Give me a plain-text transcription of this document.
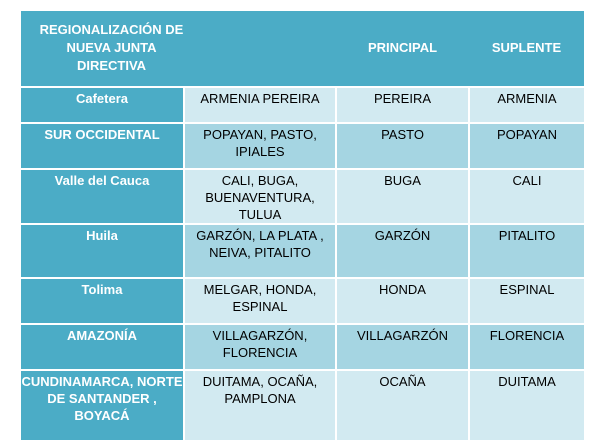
REGIONALIZACIÓN DE NUEVA JUNTA DIRECTIVA		PRINCIPAL	SUPLENTE

Cafetera	ARMENIA PEREIRA	PEREIRA	ARMENIA
SUR OCCIDENTAL	POPAYAN, PASTO, IPIALES	PASTO	POPAYAN
Valle del Cauca	CALI, BUGA, BUENAVENTURA, TULUA	BUGA	CALI
Huila	GARZÓN, LA PLATA , NEIVA, PITALITO	GARZÓN	PITALITO
Tolima	MELGAR, HONDA, ESPINAL	HONDA	ESPINAL
AMAZONÍA	VILLAGARZÓN, FLORENCIA	VILLAGARZÓN	FLORENCIA
CUNDINAMARCA, NORTE DE SANTANDER , BOYACÁ	DUITAMA, OCAÑA, PAMPLONA	OCAÑA	DUITAMA
